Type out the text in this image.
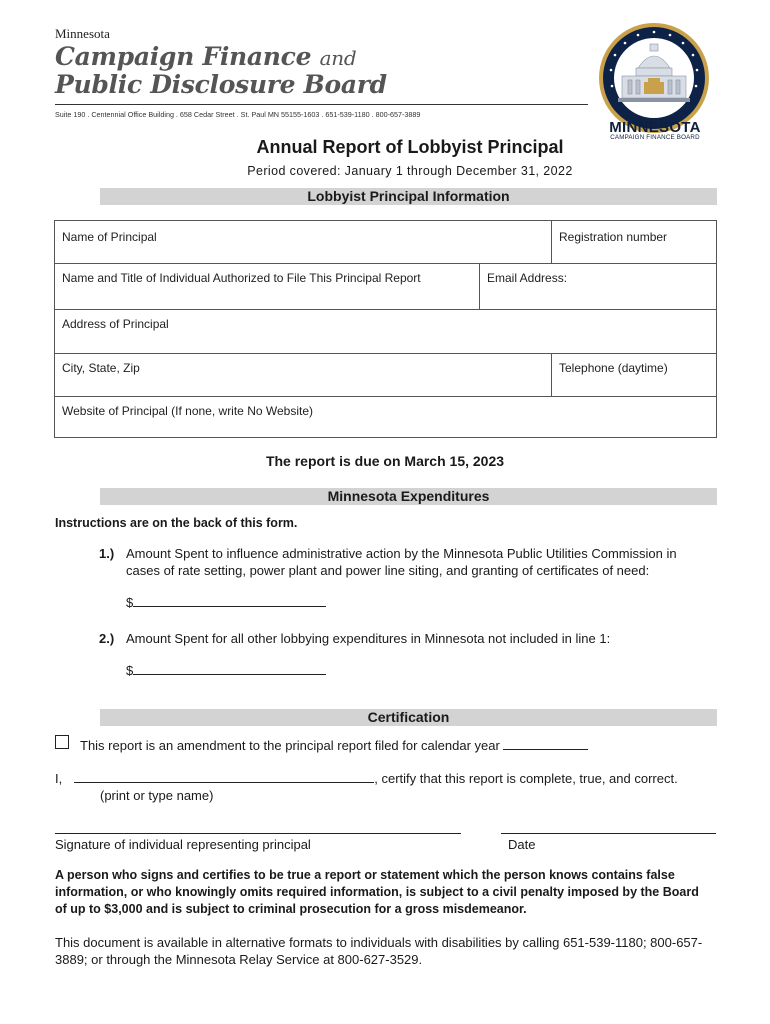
Minnesota
Campaign Finance and
Public Disclosure Board
Suite 190 . Centennial Office Building . 658 Cedar Street . St. Paul MN 55155-1603 . 651-539-1180 . 800-657-3889
MINNESOTA
CAMPAIGN FINANCE BOARD
Annual Report of Lobbyist Principal
Period covered: January 1 through December 31, 2022
Lobbyist Principal Information
Name of Principal	Registration number
Name and Title of Individual Authorized to File This Principal Report	Email Address:
Address of Principal
City, State, Zip	Telephone (daytime)
Website of Principal (If none, write No Website)
The report is due on March 15, 2023
Minnesota Expenditures
Instructions are on the back of this form.
1.) Amount Spent to influence administrative action by the Minnesota Public Utilities Commission in
cases of rate setting, power plant and power line siting, and granting of certificates of need:
$
2.) Amount Spent for all other lobbying expenditures in Minnesota not included in line 1:
$
Certification
This report is an amendment to the principal report filed for calendar year
I,	, certify that this report is complete, true, and correct.
(print or type name)
Signature of individual representing principal	Date
A person who signs and certifies to be true a report or statement which the person knows contains false information, or who knowingly omits required information, is subject to a civil penalty imposed by the Board of up to $3,000 and is subject to criminal prosecution for a gross misdemeanor.
This document is available in alternative formats to individuals with disabilities by calling 651-539-1180; 800-657-3889; or through the Minnesota Relay Service at 800-627-3529.
